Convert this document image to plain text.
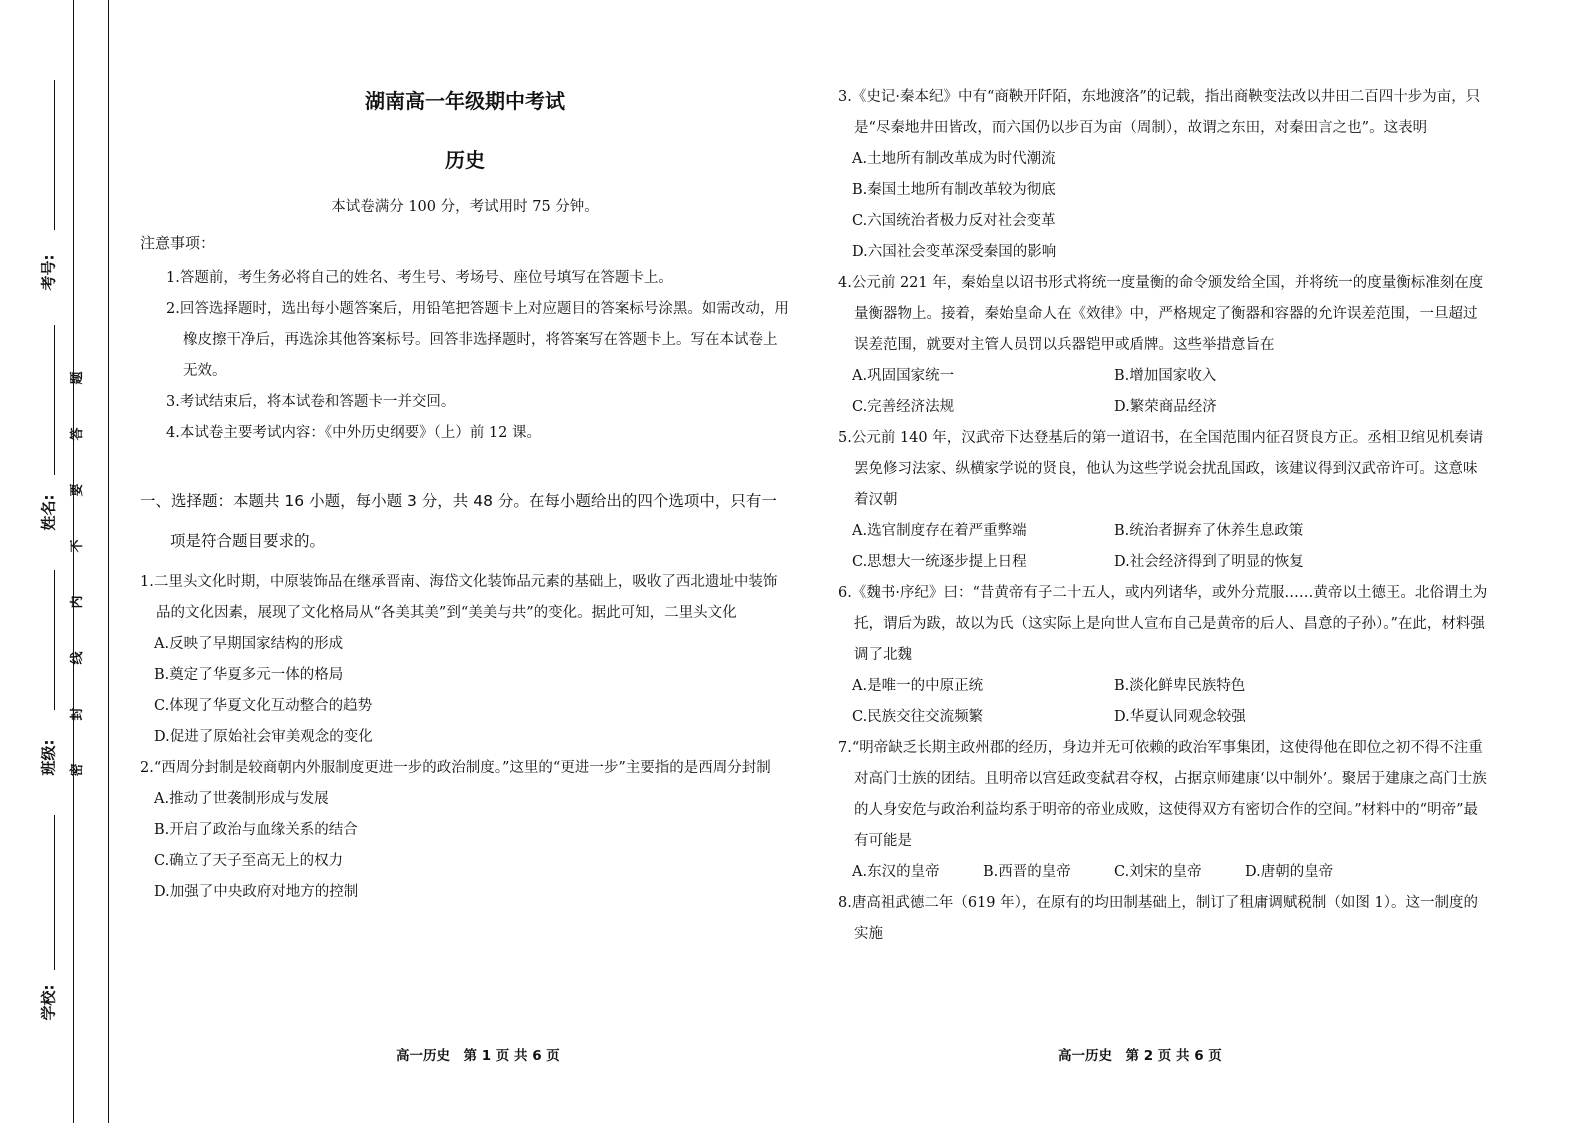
考号:
姓名:
班级:
学校:
题
答
要
不
内
线
封
密
湖南高一年级期中考试
历史

本试卷满分 100 分，考试用时 75 分钟。

注意事项：

1.答题前，考生务必将自己的姓名、考生号、考场号、座位号填写在答题卡上。

2.回答选择题时，选出每小题答案后，用铅笔把答题卡上对应题目的答案标号涂黑。如需改动，用橡皮擦干净后，再选涂其他答案标号。回答非选择题时，将答案写在答题卡上。写在本试卷上无效。

3.考试结束后，将本试卷和答题卡一并交回。

4.本试卷主要考试内容：《中外历史纲要》（上）前 12 课。

一、选择题：本题共 16 小题，每小题 3 分，共 48 分。在每小题给出的四个选项中，只有一
项是符合题目要求的。

1.二里头文化时期，中原装饰品在继承晋南、海岱文化装饰品元素的基础上，吸收了西北遗址中装饰品的文化因素，展现了文化格局从“各美其美”到“美美与共”的变化。据此可知，二里头文化

A.反映了早期国家结构的形成

B.奠定了华夏多元一体的格局

C.体现了华夏文化互动整合的趋势

D.促进了原始社会审美观念的变化

2.“西周分封制是较商朝内外服制度更进一步的政治制度。”这里的“更进一步”主要指的是西周分封制

A.推动了世袭制形成与发展

B.开启了政治与血缘关系的结合

C.确立了天子至高无上的权力

D.加强了中央政府对地方的控制

高一历史　第 1 页 共 6 页

3.《史记·秦本纪》中有“商鞅开阡陌，东地渡洛”的记载，指出商鞅变法改以井田二百四十步为亩，只是“尽秦地井田皆改，而六国仍以步百为亩（周制），故谓之东田，对秦田言之也”。这表明

A.土地所有制改革成为时代潮流

B.秦国土地所有制改革较为彻底

C.六国统治者极力反对社会变革

D.六国社会变革深受秦国的影响

4.公元前 221 年，秦始皇以诏书形式将统一度量衡的命令颁发给全国，并将统一的度量衡标准刻在度量衡器物上。接着，秦始皇命人在《效律》中，严格规定了衡器和容器的允许误差范围，一旦超过误差范围，就要对主管人员罚以兵器铠甲或盾牌。这些举措意旨在

A.巩固国家统一	B.增加国家收入
C.完善经济法规	D.繁荣商品经济

5.公元前 140 年，汉武帝下达登基后的第一道诏书，在全国范围内征召贤良方正。丞相卫绾见机奏请罢免修习法家、纵横家学说的贤良，他认为这些学说会扰乱国政，该建议得到汉武帝许可。这意味着汉朝

A.选官制度存在着严重弊端	B.统治者摒弃了休养生息政策
C.思想大一统逐步提上日程	D.社会经济得到了明显的恢复

6.《魏书·序纪》曰：“昔黄帝有子二十五人，或内列诸华，或外分荒服……黄帝以土德王。北俗谓土为托，谓后为跋，故以为氏（这实际上是向世人宣布自己是黄帝的后人、昌意的子孙）。”在此，材料强调了北魏

A.是唯一的中原正统	B.淡化鲜卑民族特色
C.民族交往交流频繁	D.华夏认同观念较强

7.“明帝缺乏长期主政州郡的经历，身边并无可依赖的政治军事集团，这使得他在即位之初不得不注重对高门士族的团结。且明帝以宫廷政变弑君夺权，占据京师建康‘以中制外’。聚居于建康之高门士族的人身安危与政治利益均系于明帝的帝业成败，这使得双方有密切合作的空间。”材料中的“明帝”最有可能是

A.东汉的皇帝	B.西晋的皇帝	C.刘宋的皇帝	D.唐朝的皇帝

8.唐高祖武德二年（619 年），在原有的均田制基础上，制订了租庸调赋税制（如图 1）。这一制度的实施

高一历史　第 2 页 共 6 页
